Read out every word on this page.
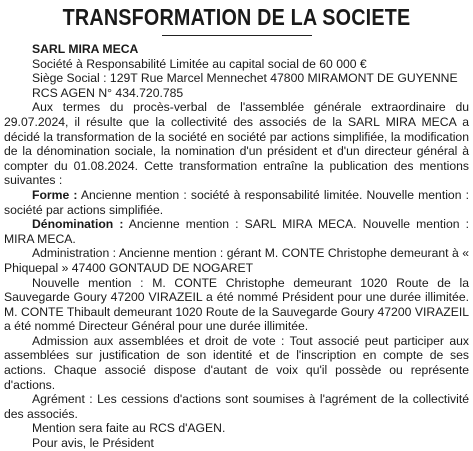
TRANSFORMATION DE LA SOCIETE

SARL MIRA MECA

Société à Responsabilité Limitée au capital social de 60 000 €

Siège Social : 129T Rue Marcel Mennechet 47800 MIRAMONT DE GUYENNE

RCS AGEN N° 434.720.785

Aux termes du procès-verbal de l'assemblée générale extraordinaire du 29.07.2024, il résulte que la collectivité des associés de la SARL MIRA MECA a décidé la transformation de la société en société par actions simplifiée, la modification de la dénomination sociale, la nomination d'un président et d'un directeur général à compter du 01.08.2024. Cette transformation entraîne la publication des mentions suivantes :

Forme : Ancienne mention : société à responsabilité limitée. Nouvelle mention : société par actions simplifiée.

Dénomination : Ancienne mention : SARL MIRA MECA. Nouvelle mention : MIRA MECA.

Administration : Ancienne mention : gérant M. CONTE Christophe demeurant à « Phiquepal » 47400 GONTAUD DE NOGARET

Nouvelle mention : M. CONTE Christophe demeurant 1020 Route de la Sauvegarde Goury 47200 VIRAZEIL a été nommé Président pour une durée illimitée. M. CONTE Thibault demeurant 1020 Route de la Sauvegarde Goury 47200 VIRAZEIL a été nommé Directeur Général pour une durée illimitée.

Admission aux assemblées et droit de vote : Tout associé peut participer aux assemblées sur justification de son identité et de l'inscription en compte de ses actions. Chaque associé dispose d'autant de voix qu'il possède ou représente d'actions.

Agrément : Les cessions d'actions sont soumises à l'agrément de la collectivité des associés.

Mention sera faite au RCS d'AGEN.

Pour avis, le Président
